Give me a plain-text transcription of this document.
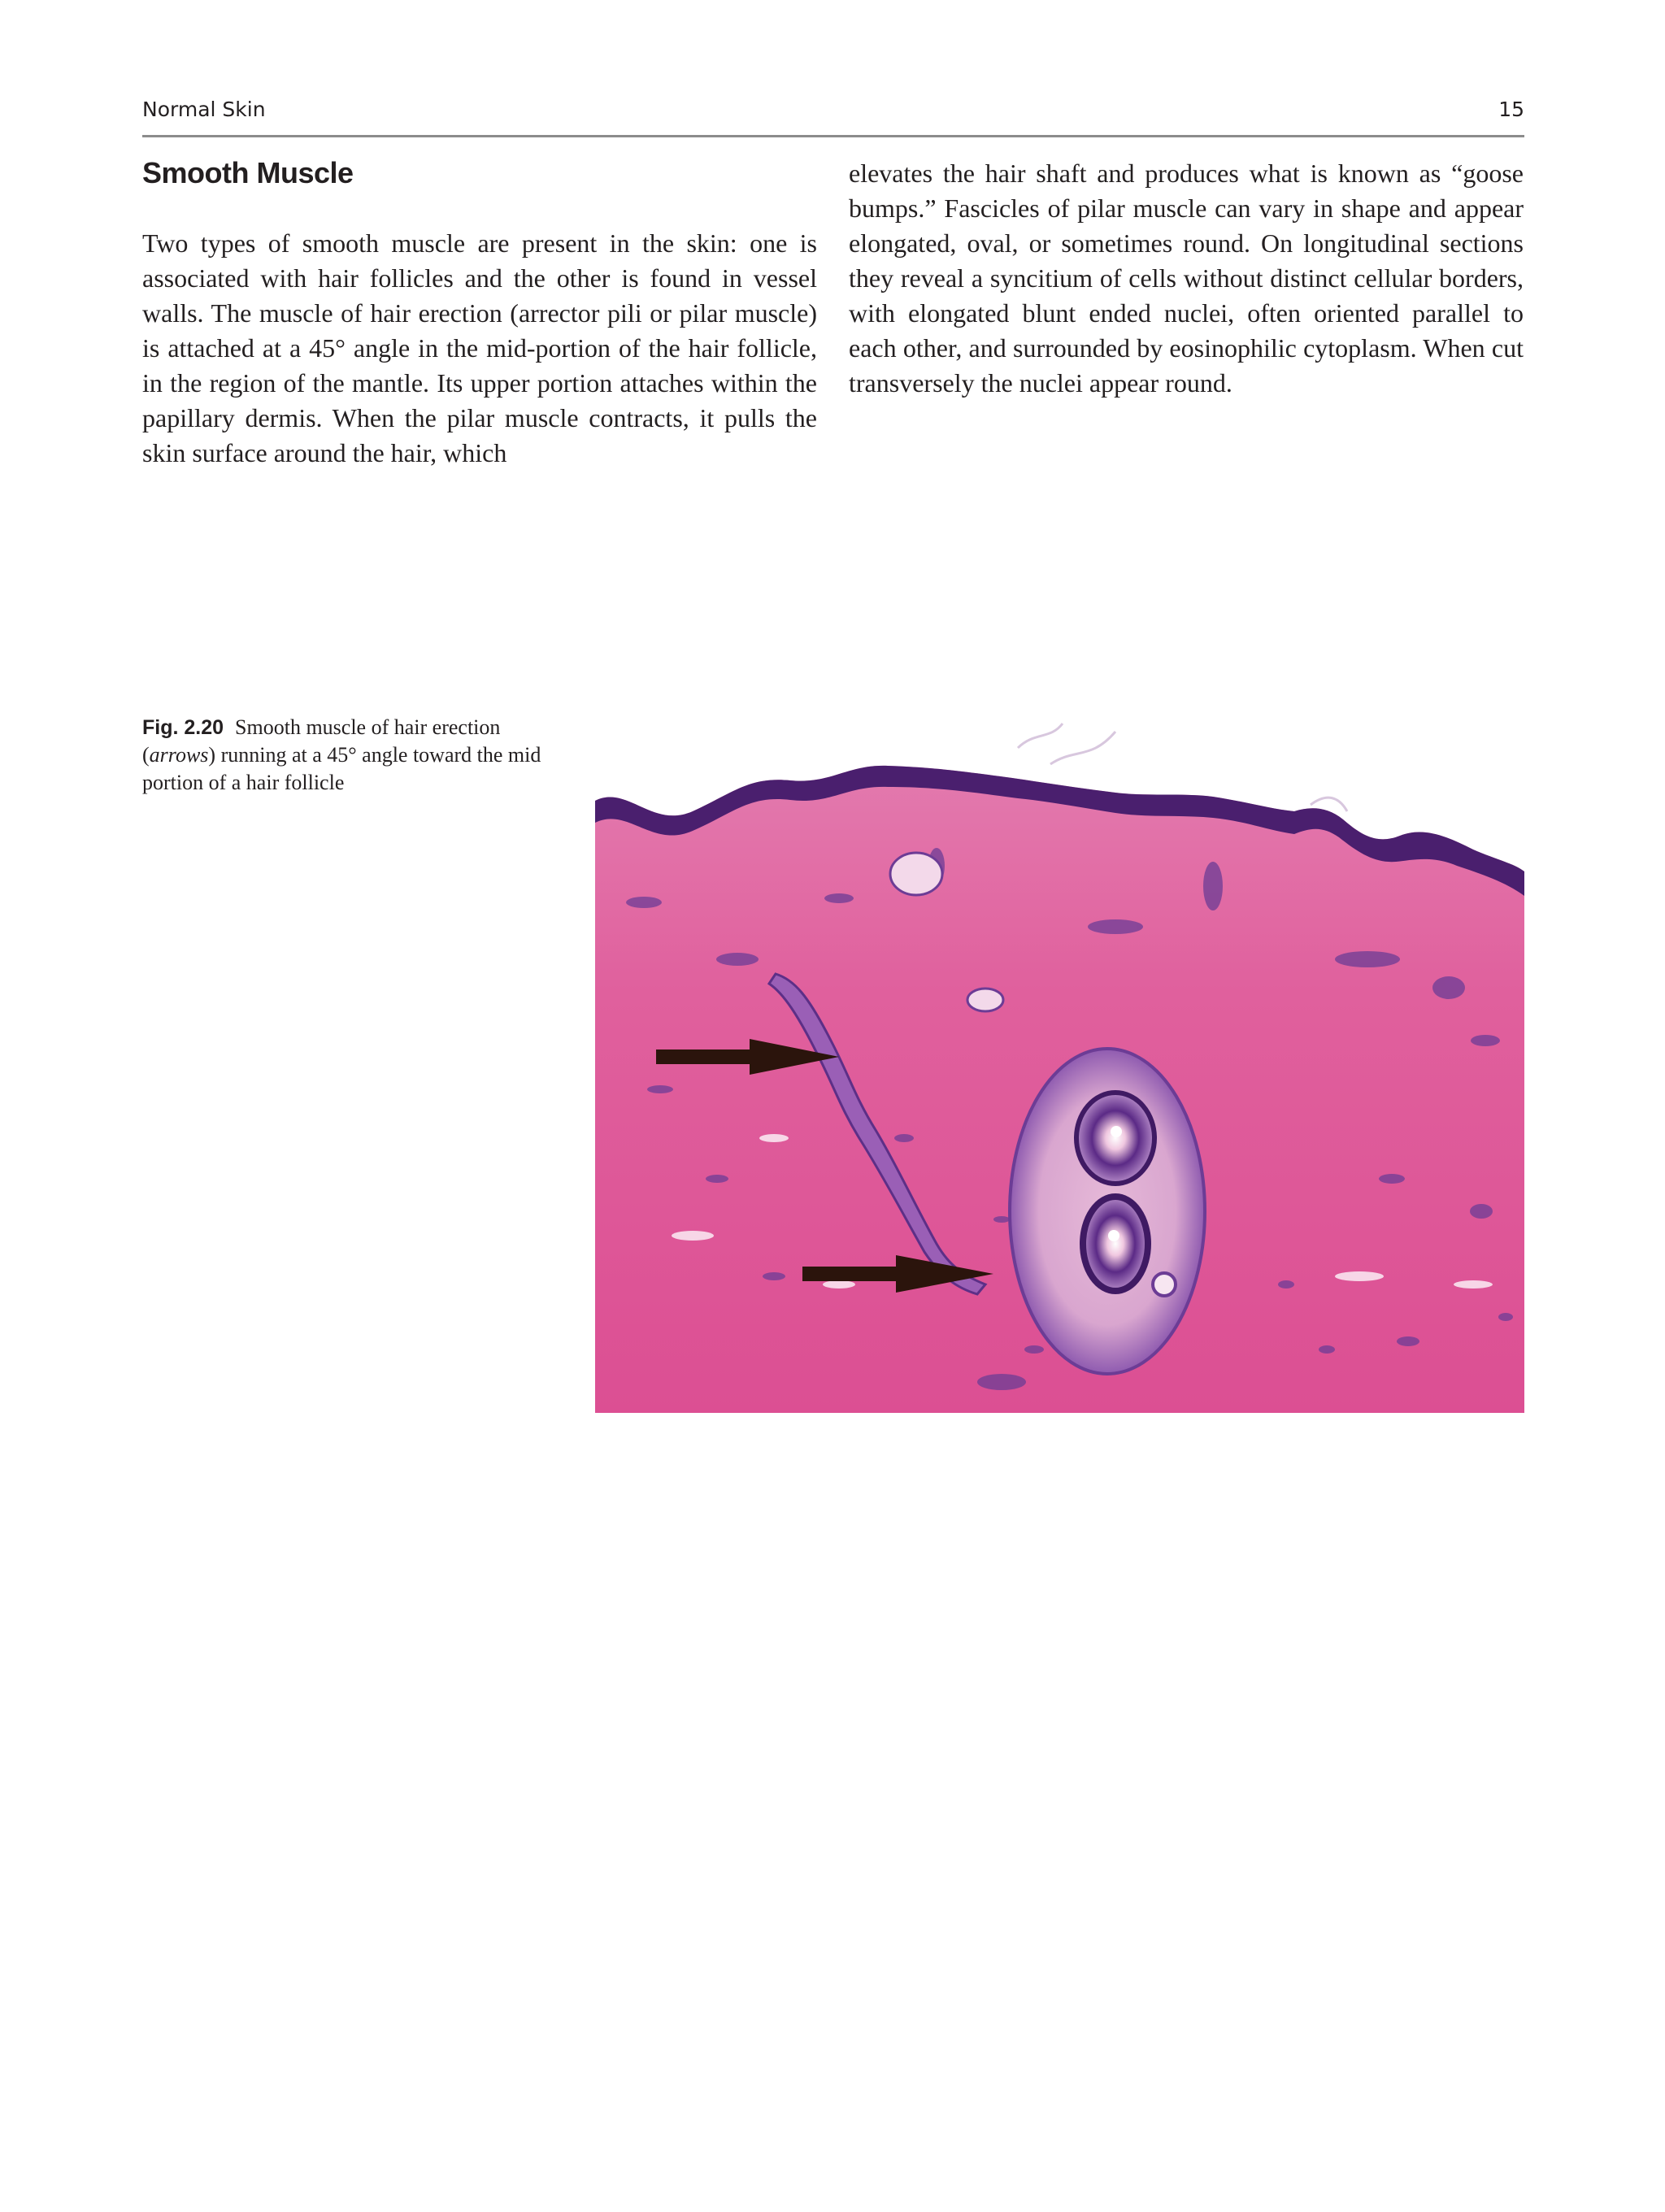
Normal Skin	15
Smooth Muscle

Two types of smooth muscle are present in the skin: one is associated with hair follicles and the other is found in vessel walls. The muscle of hair erection (arrector pili or pilar muscle) is attached at a 45° angle in the mid-portion of the hair follicle, in the region of the mantle. Its upper portion attaches within the papillary dermis. When the pilar muscle contracts, it pulls the skin surface around the hair, which

elevates the hair shaft and produces what is known as “goose bumps.” Fascicles of pilar muscle can vary in shape and appear elongated, oval, or sometimes round. On longitudinal sections they reveal a syncitium of cells without distinct cellular borders, with elongated blunt ended nuclei, often oriented parallel to each other, and surrounded by eosinophilic cytoplasm. When cut transversely the nuclei appear round.

Fig. 2.20 Smooth muscle of hair erection (arrows) running at a 45° angle toward the mid portion of a hair follicle
